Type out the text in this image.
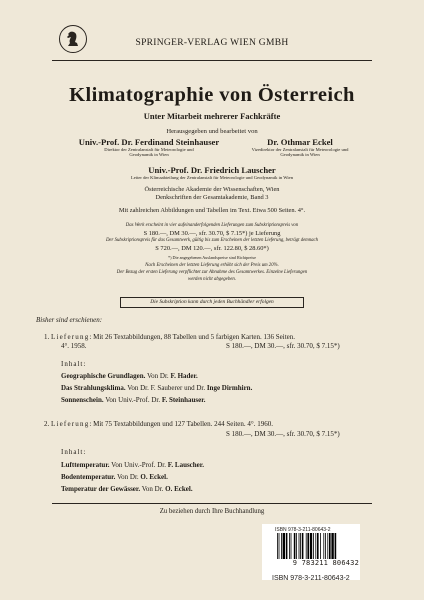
SPRINGER-VERLAG WIEN GMBH
Klimatographie von Österreich
Unter Mitarbeit mehrerer Fachkräfte
Herausgegeben und bearbeitet von
Univ.-Prof. Dr. Ferdinand Steinhauser
Direktor der Zentralanstalt für Meteorologie und Geodynamik in Wien
Dr. Othmar Eckel
Vizedirektor der Zentralanstalt für Meteorologie und Geodynamik in Wien
Univ.-Prof. Dr. Friedrich Lauscher
Leiter der Klimaabteilung der Zentralanstalt für Meteorologie und Geodynamik in Wien
Österreichische Akademie der Wissenschaften, Wien
Denkschriften der Gesamtakademie, Band 3
Mit zahlreichen Abbildungen und Tabellen im Text. Etwa 500 Seiten. 4°.
Das Werk erscheint in vier aufeinanderfolgenden Lieferungen zum Subskriptionspreis von
S 180.—, DM 30.—, sfr. 30.70, $ 7.15*) je Lieferung
Der Subskriptionspreis für das Gesamtwerk, gültig bis zum Erscheinen der letzten Lieferung, beträgt demnach
S 720.—, DM 120.—, sfr. 122.80, $ 28.60*)
*) Die angegebenen Auslandspreise sind Richtpreise
Nach Erscheinen der letzten Lieferung erhöht sich der Preis um 20%.
Der Bezug der ersten Lieferung verpflichtet zur Abnahme des Gesamtwerkes. Einzelne Lieferungen
werden nicht abgegeben.
Die Subskription kann durch jeden Buchhändler erfolgen
Bisher sind erschienen:
1. Lieferung: Mit 26 Textabbildungen, 88 Tabellen und 5 farbigen Karten. 136 Seiten.
4°. 1958.	S 180.—, DM 30.—, sfr. 30.70, $ 7.15*)
Inhalt:
Geographische Grundlagen. Von Dr. F. Hader.
Das Strahlungsklima. Von Dr. F. Sauberer und Dr. Inge Dirmhirn.
Sonnenschein. Von Univ.-Prof. Dr. F. Steinhauser.
2. Lieferung: Mit 75 Textabbildungen und 127 Tabellen. 244 Seiten. 4°. 1960.
S 180.—, DM 30.—, sfr. 30.70, $ 7.15*)
Inhalt:
Lufttemperatur. Von Univ.-Prof. Dr. F. Lauscher.
Bodentemperatur. Von Dr. O. Eckel.
Temperatur der Gewässer. Von Dr. O. Eckel.
Zu beziehen durch Ihre Buchhandlung
ISBN 978-3-211-80643-2
9 783211 806432
ISBN 978-3-211-80643-2
